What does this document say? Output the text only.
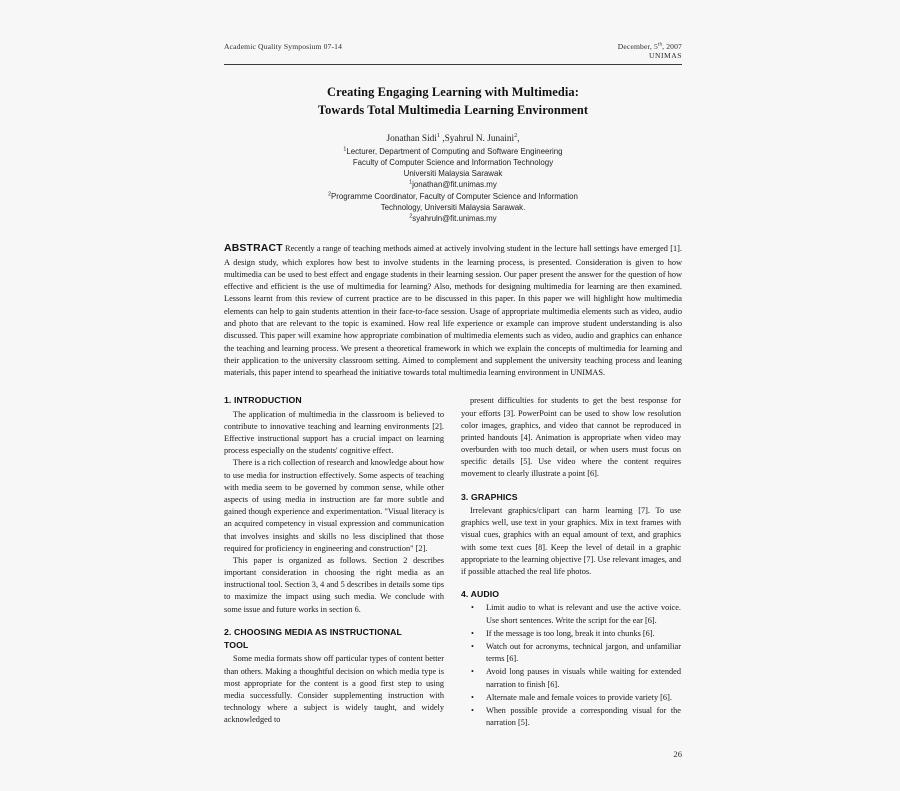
Academic Quality Symposium 07-14	December, 5th, 2007
UNIMAS
Creating Engaging Learning with Multimedia:
Towards Total Multimedia Learning Environment
Jonathan Sidi$^1$ ,Syahrul N. Junaini$^2$,
$^1$Lecturer, Department of Computing and Software Engineering
Faculty of Computer Science and Information Technology
Universiti Malaysia Sarawak
$^1$jonathan@fit.unimas.my
$^2$Programme Coordinator, Faculty of Computer Science and Information
Technology, Universiti Malaysia Sarawak.
$^2$syahruln@fit.unimas.my
ABSTRACT Recently a range of teaching methods aimed at actively involving student in the lecture hall settings have emerged [1]. A design study, which explores how best to involve students in the learning process, is presented. Consideration is given to how multimedia can be used to best effect and engage students in their learning session. Our paper present the answer for the question of how effective and efficient is the use of multimedia for learning? Also, methods for designing multimedia for learning are then examined. Lessons learnt from this review of current practice are to be discussed in this paper. In this paper we will highlight how multimedia elements can help to gain students attention in their face-to-face session. Usage of appropriate multimedia elements such as video, audio and photo that are relevant to the topic is examined. How real life experience or example can improve student understanding is also discussed. This paper will examine how appropriate combination of multimedia elements such as video, audio and graphics can enhance the teaching and learning process. We present a theoretical framework in which we explain the concepts of multimedia for learning and their application to the university classroom setting. Aimed to complement and supplement the university teaching process and leaning materials, this paper intend to spearhead the initiative towards total multimedia learning environment in UNIMAS.
1. INTRODUCTION

The application of multimedia in the classroom is believed to contribute to innovative teaching and learning environments [2]. Effective instructional support has a crucial impact on learning process especially on the students' cognitive effect.

There is a rich collection of research and knowledge about how to use media for instruction effectively. Some aspects of teaching with media seem to be governed by common sense, while other aspects of using media in instruction are far more subtle and gained though experience and experimentation. "Visual literacy is an acquired competency in visual expression and communication that involves insights and skills no less disciplined that those required for proficiency in engineering and construction" [2].

This paper is organized as follows. Section 2 describes important consideration in choosing the right media as an instructional tool. Section 3, 4 and 5 describes in details some tips to maximize the impact using such media. We conclude with some issue and future works in section 6.

2. CHOOSING MEDIA AS INSTRUCTIONAL
TOOL

Some media formats show off particular types of content better than others. Making a thoughtful decision on which media type is most appropriate for the content is a good first step to using media successfully. Consider supplementing instruction with technology where a subject is widely taught, and widely acknowledged to

present difficulties for students to get the best response for your efforts [3]. PowerPoint can be used to show low resolution color images, graphics, and video that cannot be reproduced in printed handouts [4]. Animation is appropriate when video may overburden with too much detail, or when users must focus on specific details [5]. Use video where the content requires movement to clearly illustrate a point [6].

3. GRAPHICS

Irrelevant graphics/clipart can harm learning [7]. To use graphics well, use text in your graphics. Mix in text frames with visual cues, graphics with an equal amount of text, and graphics with some text cues [8]. Keep the level of detail in a graphic appropriate to the learning objective [7]. Use relevant images, and if possible attached the real life photos.

4. AUDIO
• Limit audio to what is relevant and use the active voice. Use short sentences. Write the script for the ear [6].
• If the message is too long, break it into chunks [6].
• Watch out for acronyms, technical jargon, and unfamiliar terms [6].
• Avoid long pauses in visuals while waiting for extended narration to finish [6].
• Alternate male and female voices to provide variety [6].
• When possible provide a corresponding visual for the narration [5].
26
